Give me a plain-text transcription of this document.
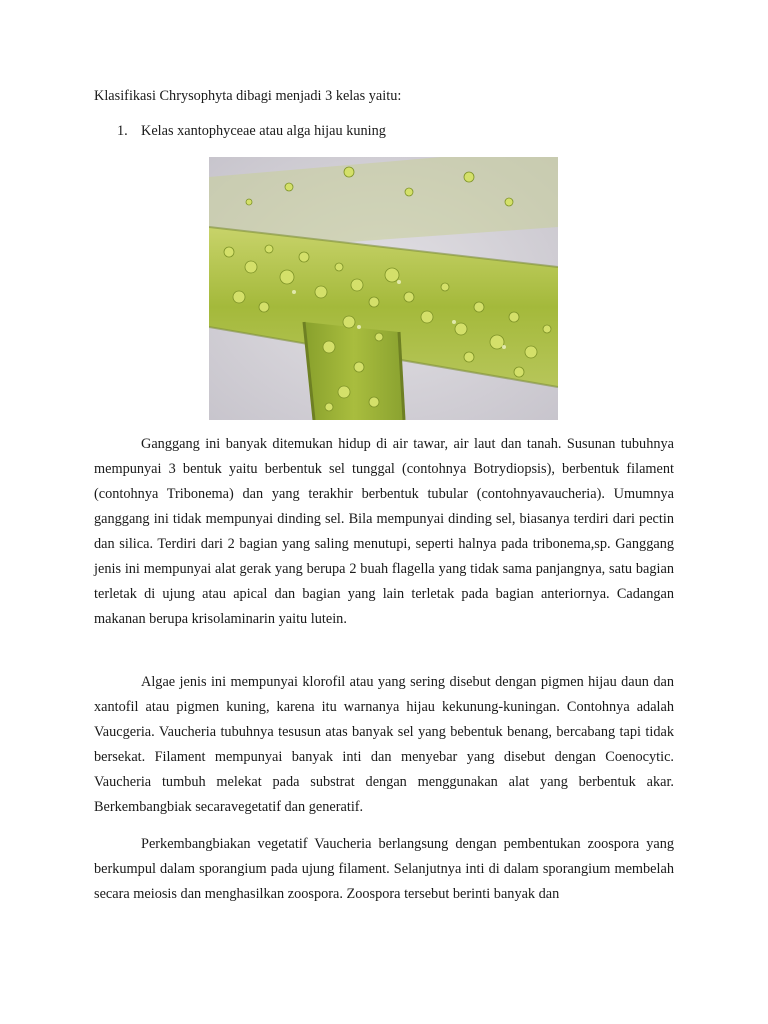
Klasifikasi Chrysophyta dibagi menjadi 3 kelas yaitu:
1. Kelas xantophyceae atau alga hijau kuning

Ganggang ini banyak ditemukan hidup di air tawar, air laut dan tanah. Susunan tubuhnya mempunyai 3 bentuk yaitu berbentuk sel tunggal (contohnya Botrydiopsis), berbentuk filament (contohnya Tribonema) dan yang terakhir berbentuk tubular (contohnyavaucheria). Umumnya ganggang ini tidak mempunyai dinding sel. Bila mempunyai dinding sel, biasanya terdiri dari pectin dan silica. Terdiri dari 2 bagian yang saling menutupi, seperti halnya pada tribonema,sp. Ganggang jenis ini mempunyai alat gerak yang berupa 2 buah flagella yang tidak sama panjangnya, satu bagian terletak di ujung atau apical dan bagian yang lain terletak pada bagian anteriornya. Cadangan makanan berupa krisolaminarin yaitu lutein.

Algae jenis ini mempunyai klorofil atau yang sering disebut dengan pigmen hijau daun dan xantofil atau pigmen kuning, karena itu warnanya hijau kekunung-kuningan. Contohnya adalah Vaucgeria. Vaucheria tubuhnya tesusun atas banyak sel yang bebentuk benang, bercabang tapi tidak bersekat. Filament mempunyai banyak inti dan menyebar yang disebut dengan Coenocytic. Vaucheria tumbuh melekat pada substrat dengan menggunakan alat yang berbentuk akar. Berkembangbiak secaravegetatif dan generatif.

Perkembangbiakan vegetatif Vaucheria berlangsung dengan pembentukan zoospora yang berkumpul dalam sporangium pada ujung filament. Selanjutnya inti di dalam sporangium membelah secara meiosis dan menghasilkan zoospora. Zoospora tersebut berinti banyak dan
